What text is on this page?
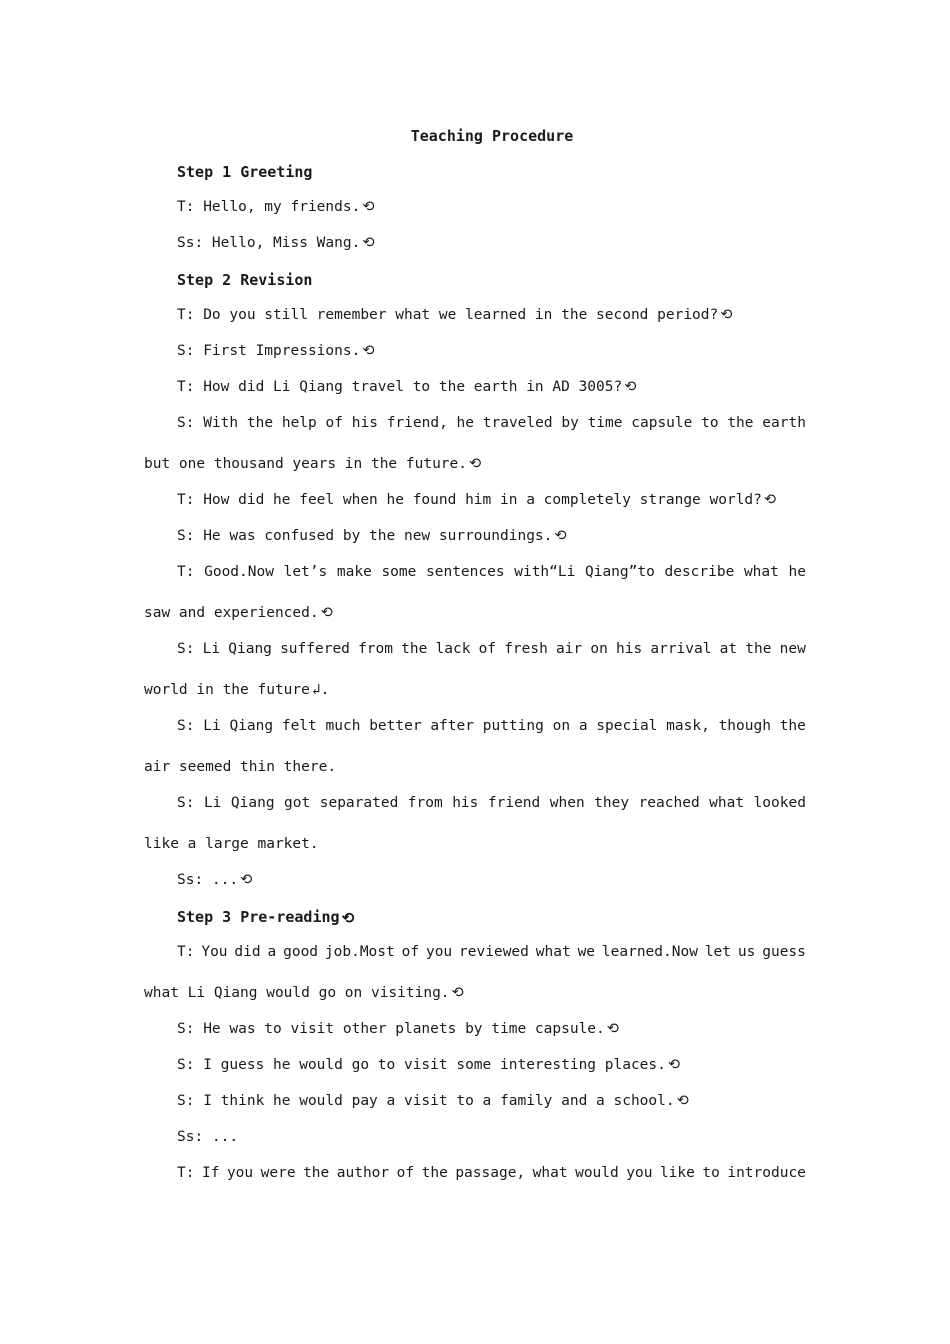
Teaching Procedure
Step 1 Greeting
T: Hello, my friends. ⟲
Ss: Hello, Miss Wang. ⟲
Step 2 Revision
T: Do you still remember what we learned in the second period? ⟲
S: First Impressions. ⟲
T: How did Li Qiang travel to the earth in AD 3005? ⟲
S: With the help of his friend, he traveled by time capsule to the earth
but one thousand years in the future. ⟲
T: How did he feel when he found him in a completely strange world? ⟲
S: He was confused by the new surroundings. ⟲
T: Good.Now let’s make some sentences with“Li Qiang”to describe what he
saw and experienced. ⟲
S: Li Qiang suffered from the lack of fresh air on his arrival at the new
world in the future ↲.
S: Li Qiang felt much better after putting on a special mask, though the
air seemed thin there.
S: Li Qiang got separated from his friend when they reached what looked
like a large market.
Ss: ... ⟲
Step 3 Pre-reading ⟲
T: You did a good job.Most of you reviewed what we learned.Now let us guess
what Li Qiang would go on visiting. ⟲
S: He was to visit other planets by time capsule. ⟲
S: I guess he would go to visit some interesting places. ⟲
S: I think he would pay a visit to a family and a school. ⟲
Ss: ...
T: If you were the author of the passage, what would you like to introduce
